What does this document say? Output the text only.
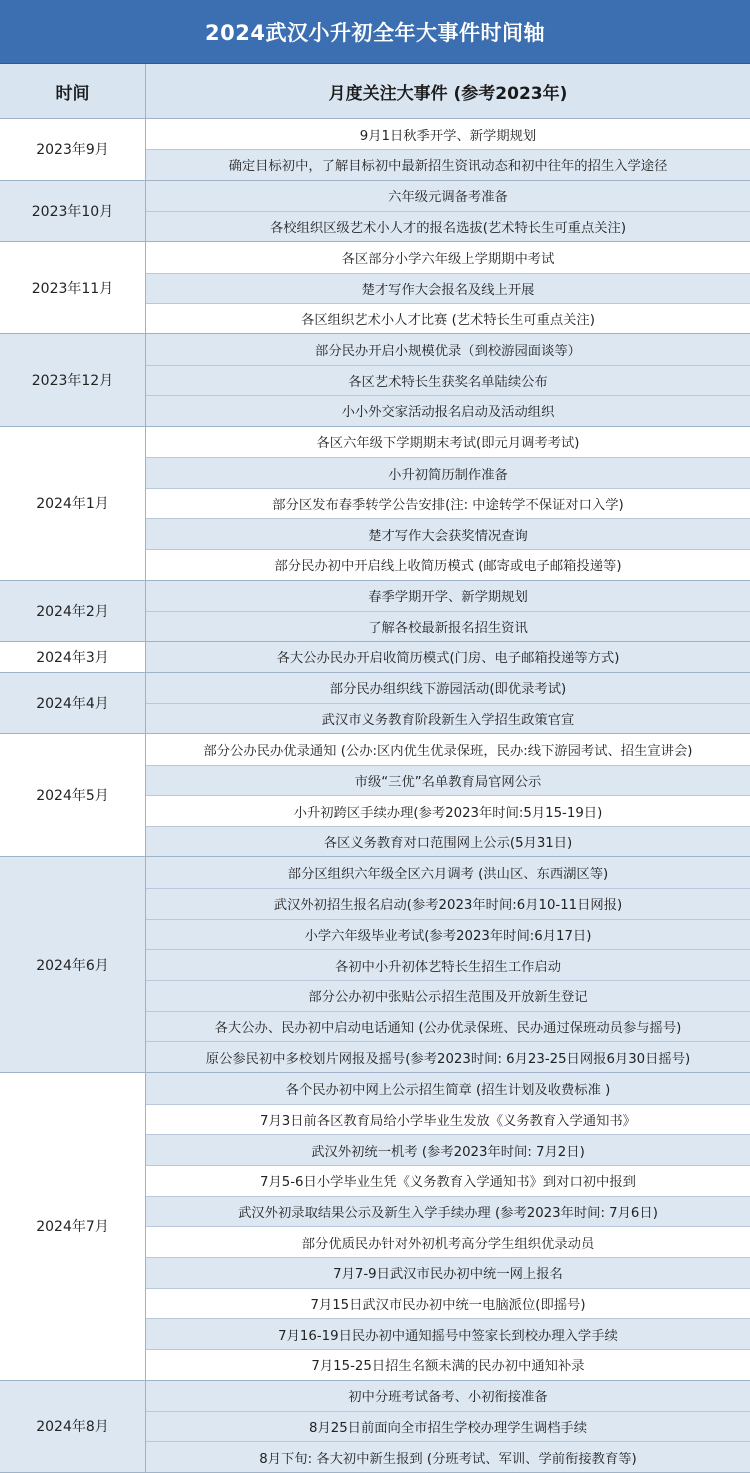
2024武汉小升初全年大事件时间轴
时间	月度关注大事件 (参考2023年)
2023年9月
9月1日秋季开学、新学期规划
确定目标初中，了解目标初中最新招生资讯动态和初中往年的招生入学途径
2023年10月
六年级元调备考准备
各校组织区级艺术小人才的报名选拔(艺术特长生可重点关注)
2023年11月
各区部分小学六年级上学期期中考试
楚才写作大会报名及线上开展
各区组织艺术小人才比赛 (艺术特长生可重点关注)
2023年12月
部分民办开启小规模优录（到校游园面谈等）
各区艺术特长生获奖名单陆续公布
小小外交家活动报名启动及活动组织
2024年1月
各区六年级下学期期末考试(即元月调考考试)
小升初简历制作准备
部分区发布春季转学公告安排(注: 中途转学不保证对口入学)
楚才写作大会获奖情况查询
部分民办初中开启线上收简历模式 (邮寄或电子邮箱投递等)
2024年2月
春季学期开学、新学期规划
了解各校最新报名招生资讯
2024年3月	各大公办民办开启收简历模式(门房、电子邮箱投递等方式)
2024年4月
部分民办组织线下游园活动(即优录考试)
武汉市义务教育阶段新生入学招生政策官宣
2024年5月
部分公办民办优录通知 (公办:区内优生优录保班，民办:线下游园考试、招生宣讲会)
市级“三优”名单教育局官网公示
小升初跨区手续办理(参考2023年时间:5月15-19日)
各区义务教育对口范围网上公示(5月31日)
2024年6月
部分区组织六年级全区六月调考 (洪山区、东西湖区等)
武汉外初招生报名启动(参考2023年时间:6月10-11日网报)
小学六年级毕业考试(参考2023年时间:6月17日)
各初中小升初体艺特长生招生工作启动
部分公办初中张贴公示招生范围及开放新生登记
各大公办、民办初中启动电话通知 (公办优录保班、民办通过保班动员参与摇号)
原公参民初中多校划片网报及摇号(参考2023时间: 6月23-25日网报6月30日摇号)
2024年7月
各个民办初中网上公示招生简章 (招生计划及收费标准 )
7月3日前各区教育局给小学毕业生发放《义务教育入学通知书》
武汉外初统一机考 (参考2023年时间: 7月2日)
7月5-6日小学毕业生凭《义务教育入学通知书》到对口初中报到
武汉外初录取结果公示及新生入学手续办理 (参考2023年时间: 7月6日)
部分优质民办针对外初机考高分学生组织优录动员
7月7-9日武汉市民办初中统一网上报名
7月15日武汉市民办初中统一电脑派位(即摇号)
7月16-19日民办初中通知摇号中签家长到校办理入学手续
7月15-25日招生名额未满的民办初中通知补录
2024年8月
初中分班考试备考、小初衔接准备
8月25日前面向全市招生学校办理学生调档手续
8月下旬: 各大初中新生报到 (分班考试、军训、学前衔接教育等)
